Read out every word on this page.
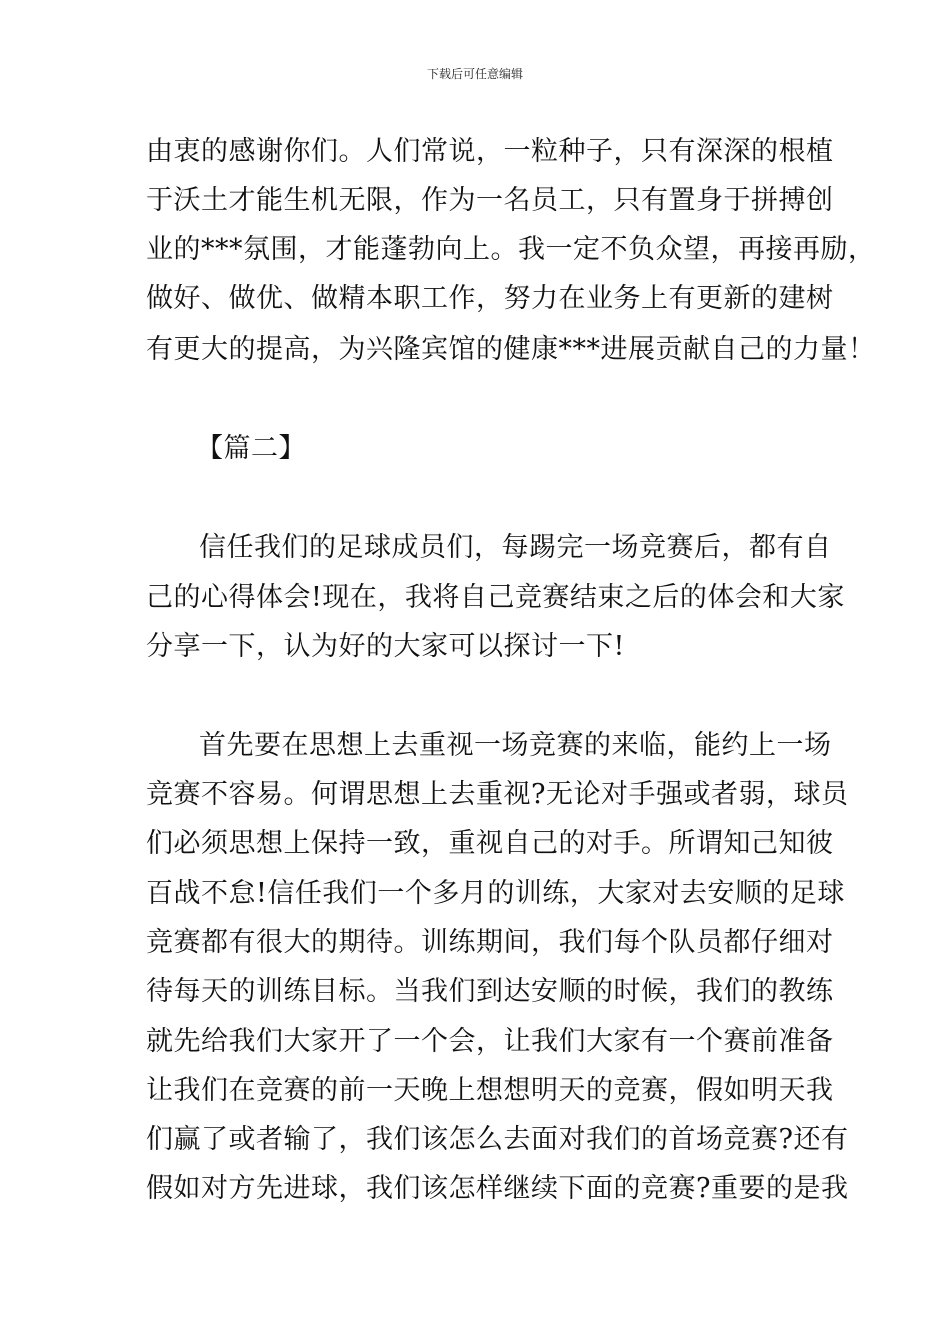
下载后可任意编辑
由衷的感谢你们。人们常说，一粒种子，只有深深的根植
于沃土才能生机无限，作为一名员工，只有置身于拼搏创
业的***氛围，才能蓬勃向上。我一定不负众望，再接再励，
做好、做优、做精本职工作，努力在业务上有更新的建树
有更大的提高，为兴隆宾馆的健康***进展贡献自己的力量！
【篇二】
信任我们的足球成员们，每踢完一场竞赛后，都有自
己的心得体会!现在，我将自己竞赛结束之后的体会和大家
分享一下，认为好的大家可以探讨一下!
首先要在思想上去重视一场竞赛的来临，能约上一场
竞赛不容易。何谓思想上去重视?无论对手强或者弱，球员
们必须思想上保持一致，重视自己的对手。所谓知己知彼
百战不怠!信任我们一个多月的训练，大家对去安顺的足球
竞赛都有很大的期待。训练期间，我们每个队员都仔细对
待每天的训练目标。当我们到达安顺的时候，我们的教练
就先给我们大家开了一个会，让我们大家有一个赛前准备
让我们在竞赛的前一天晚上想想明天的竞赛，假如明天我
们赢了或者输了，我们该怎么去面对我们的首场竞赛?还有
假如对方先进球，我们该怎样继续下面的竞赛?重要的是我
